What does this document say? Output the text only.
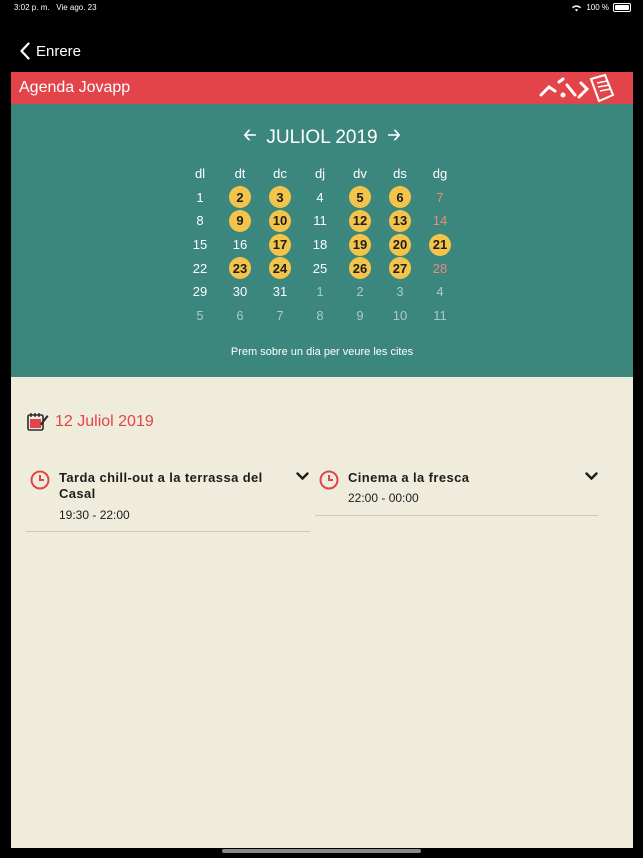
3:02 p. m. Vie ago. 23	100 %
Enrere
Agenda Jovapp
🡠 JULIOL 2019 🡢
dl	dt	dc	dj	dv	ds	dg
1	2	3	4	5	6	7
8	9	10 11 12 13 14
15 16 17 18 19 20 21
22 23 24 25 26 27 28
29 30 31 1	2	3	4
5	6	7	8	9 10 11
Prem sobre un dia per veure les cites
12 Juliol 2019
Tarda chill-out a la terrassa del Casal
19:30 - 22:00
Cinema a la fresca
22:00 - 00:00
